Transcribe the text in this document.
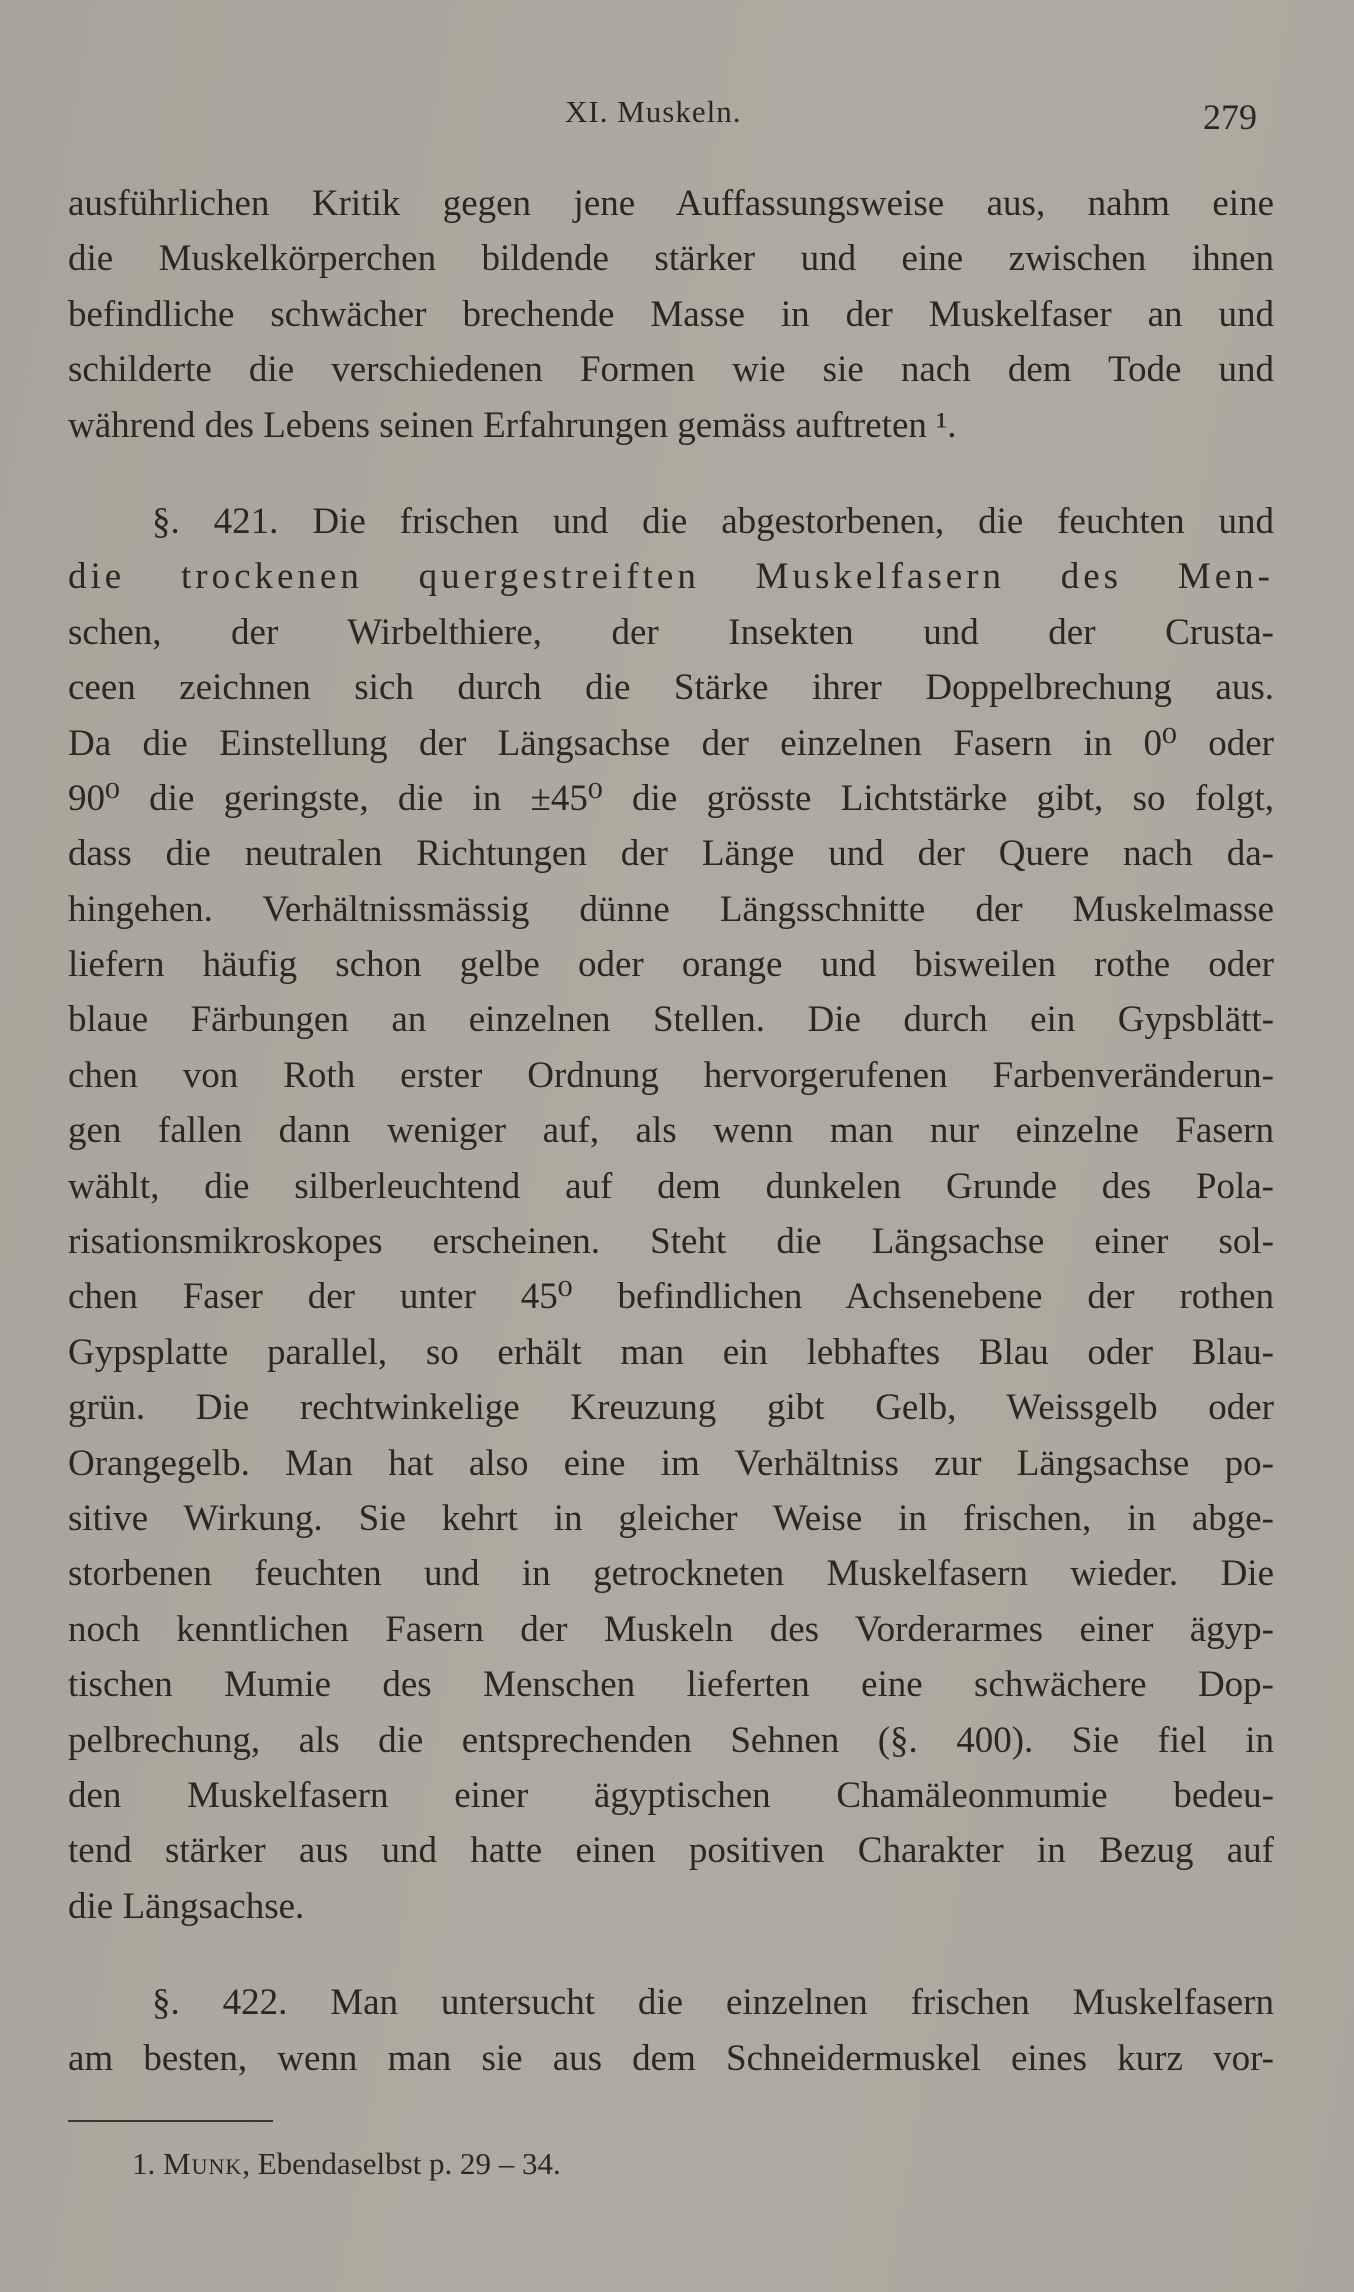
XI. Muskeln.	279
ausführlichen Kritik gegen jene Auffassungsweise aus, nahm eine
die Muskelkörperchen bildende stärker und eine zwischen ihnen
befindliche schwächer brechende Masse in der Muskelfaser an und
schilderte die verschiedenen Formen wie sie nach dem Tode und
während des Lebens seinen Erfahrungen gemäss auftreten ¹.
§. 421. Die frischen und die abgestorbenen, die feuchten und
die trockenen quergestreiften Muskelfasern des Men-
schen, der Wirbelthiere, der Insekten und der Crusta-
ceen zeichnen sich durch die Stärke ihrer Doppelbrechung aus.
Da die Einstellung der Längsachse der einzelnen Fasern in 0⁰ oder
90⁰ die geringste, die in ±45⁰ die grösste Lichtstärke gibt, so folgt,
dass die neutralen Richtungen der Länge und der Quere nach da-
hingehen. Verhältnissmässig dünne Längsschnitte der Muskelmasse
liefern häufig schon gelbe oder orange und bisweilen rothe oder
blaue Färbungen an einzelnen Stellen. Die durch ein Gypsblätt-
chen von Roth erster Ordnung hervorgerufenen Farbenveränderun-
gen fallen dann weniger auf, als wenn man nur einzelne Fasern
wählt, die silberleuchtend auf dem dunkelen Grunde des Pola-
risationsmikroskopes erscheinen. Steht die Längsachse einer sol-
chen Faser der unter 45⁰ befindlichen Achsenebene der rothen
Gypsplatte parallel, so erhält man ein lebhaftes Blau oder Blau-
grün. Die rechtwinkelige Kreuzung gibt Gelb, Weissgelb oder
Orangegelb. Man hat also eine im Verhältniss zur Längsachse po-
sitive Wirkung. Sie kehrt in gleicher Weise in frischen, in abge-
storbenen feuchten und in getrockneten Muskelfasern wieder. Die
noch kenntlichen Fasern der Muskeln des Vorderarmes einer ägyp-
tischen Mumie des Menschen lieferten eine schwächere Dop-
pelbrechung, als die entsprechenden Sehnen (§. 400). Sie fiel in
den Muskelfasern einer ägyptischen Chamäleonmumie bedeu-
tend stärker aus und hatte einen positiven Charakter in Bezug auf
die Längsachse.
§. 422. Man untersucht die einzelnen frischen Muskelfasern
am besten, wenn man sie aus dem Schneidermuskel eines kurz vor-
1. Munk, Ebendaselbst p. 29 – 34.
